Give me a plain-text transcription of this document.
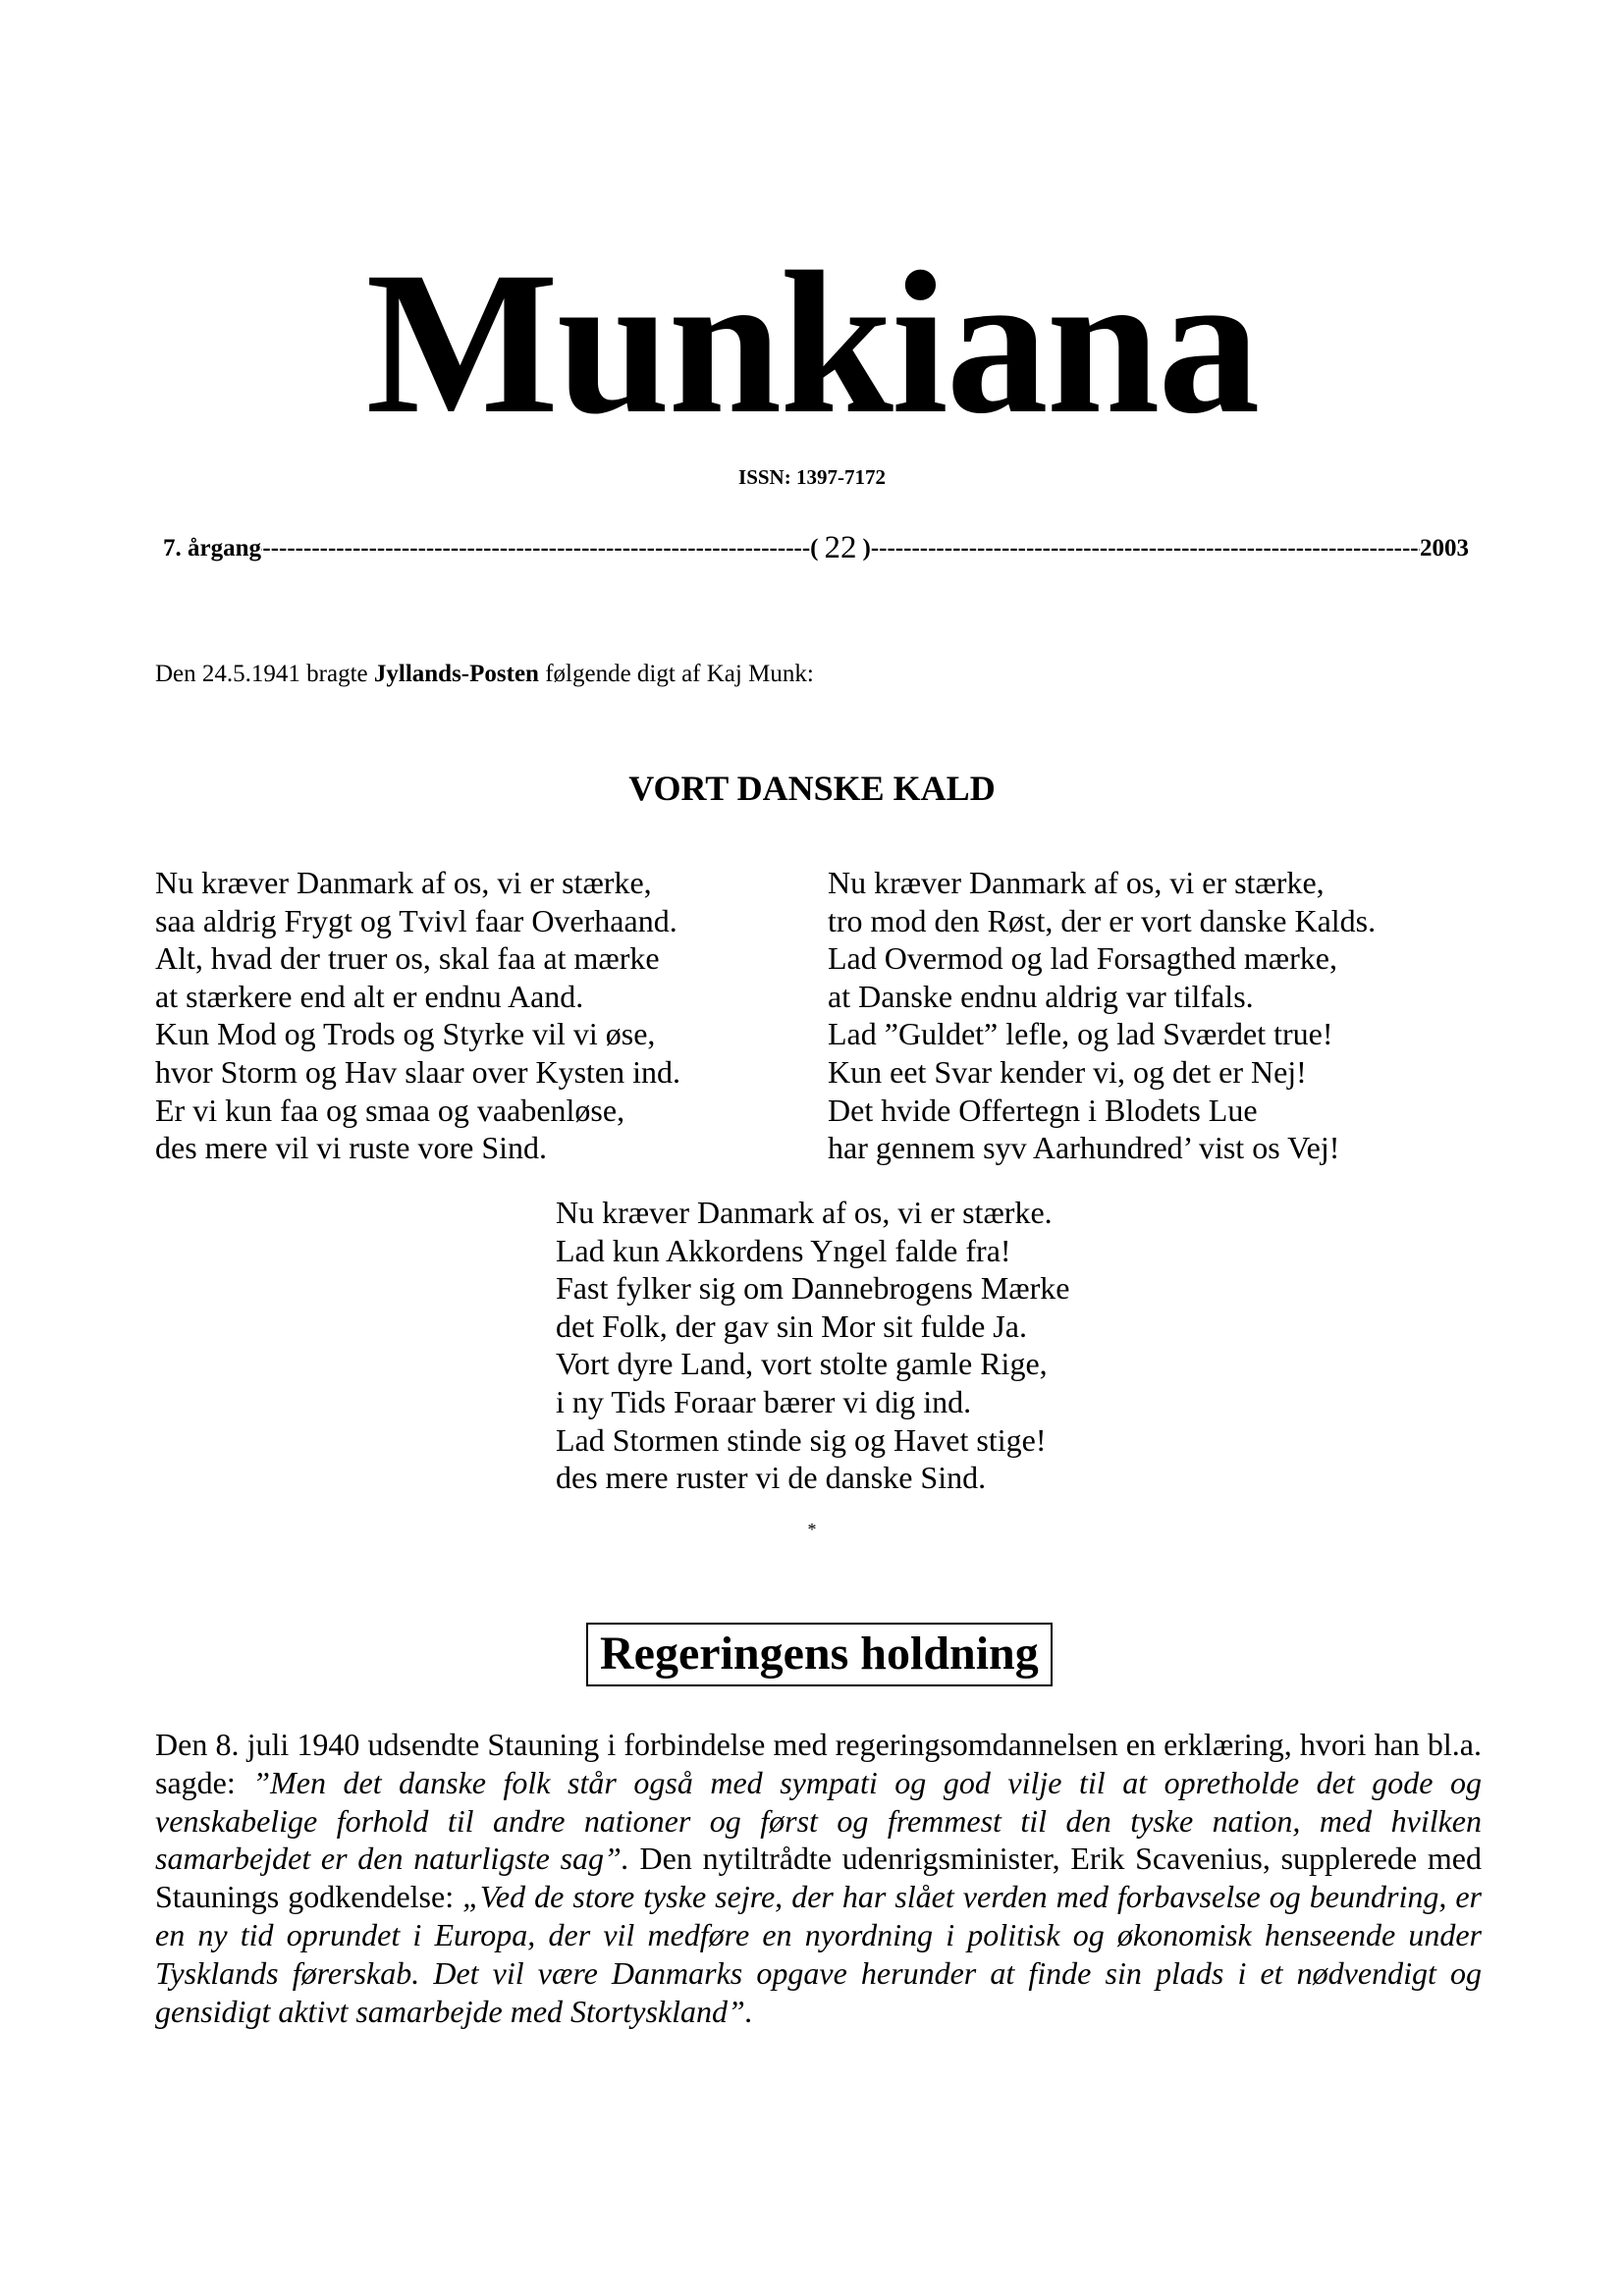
Munkiana
ISSN: 1397-7172
7. årgang -----	( 22 ) -----	2003
Den 24.5.1941 bragte Jyllands-Posten følgende digt af Kaj Munk:
VORT DANSKE KALD
Nu kræver Danmark af os, vi er stærke,
saa aldrig Frygt og Tvivl faar Overhaand.
Alt, hvad der truer os, skal faa at mærke
at stærkere end alt er endnu Aand.
Kun Mod og Trods og Styrke vil vi øse,
hvor Storm og Hav slaar over Kysten ind.
Er vi kun faa og smaa og vaabenløse,
des mere vil vi ruste vore Sind.
Nu kræver Danmark af os, vi er stærke,
tro mod den Røst, der er vort danske Kalds.
Lad Overmod og lad Forsagthed mærke,
at Danske endnu aldrig var tilfals.
Lad ”Guldet” lefle, og lad Sværdet true!
Kun eet Svar kender vi, og det er Nej!
Det hvide Offertegn i Blodets Lue
har gennem syv Aarhundred’ vist os Vej!
Nu kræver Danmark af os, vi er stærke.
Lad kun Akkordens Yngel falde fra!
Fast fylker sig om Dannebrogens Mærke
det Folk, der gav sin Mor sit fulde Ja.
Vort dyre Land, vort stolte gamle Rige,
i ny Tids Foraar bærer vi dig ind.
Lad Stormen stinde sig og Havet stige!
des mere ruster vi de danske Sind.
*
Regeringens holdning
Den 8. juli 1940 udsendte Stauning i forbindelse med regeringsomdannelsen en erklæring, hvori han bl.a. sagde: ”Men det danske folk står også med sympati og god vilje til at opretholde det gode og venskabelige forhold til andre nationer og først og fremmest til den tyske nation, med hvilken samarbejdet er den naturligste sag”. Den nytiltrådte udenrigsminister, Erik Scavenius, supplerede med Staunings godkendelse: „Ved de store tyske sejre, der har slået verden med forbavselse og beundring, er en ny tid oprundet i Europa, der vil medføre en nyordning i politisk og økonomisk henseende under Tysklands førerskab. Det vil være Danmarks opgave herunder at finde sin plads i et nødvendigt og gensidigt aktivt samarbejde med Stortyskland”.
